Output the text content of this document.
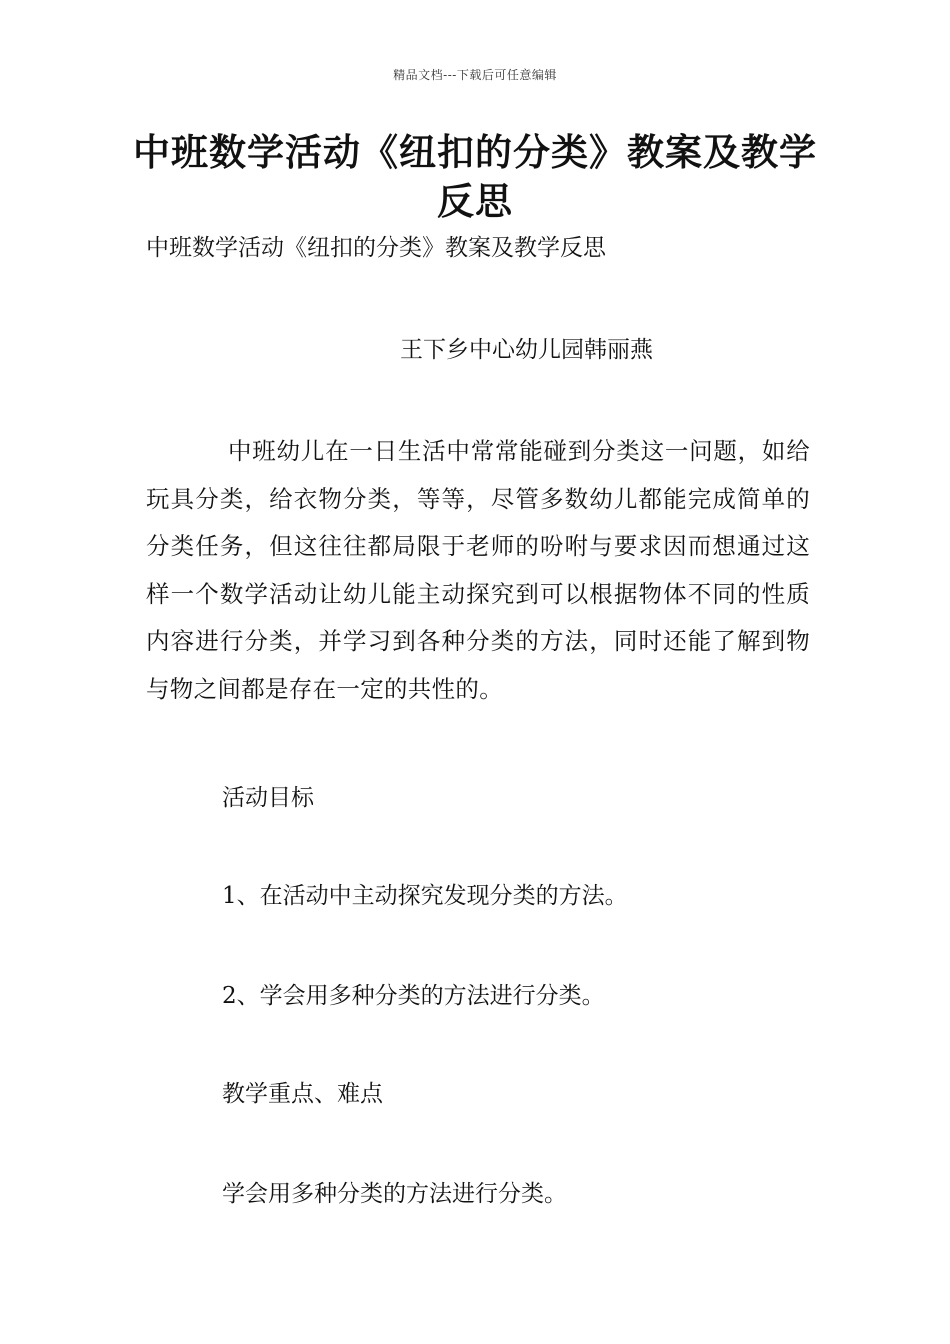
精品文档---下载后可任意编辑
中班数学活动《纽扣的分类》教案及教学反思
中班数学活动《纽扣的分类》教案及教学反思
王下乡中心幼儿园韩丽燕

中班幼儿在一日生活中常常能碰到分类这一问题，如给玩具分类，给衣物分类，等等，尽管多数幼儿都能完成简单的分类任务，但这往往都局限于老师的吩咐与要求因而想通过这样一个数学活动让幼儿能主动探究到可以根据物体不同的性质内容进行分类，并学习到各种分类的方法，同时还能了解到物与物之间都是存在一定的共性的。

活动目标
1、在活动中主动探究发现分类的方法。
2、学会用多种分类的方法进行分类。
教学重点、难点
学会用多种分类的方法进行分类。
